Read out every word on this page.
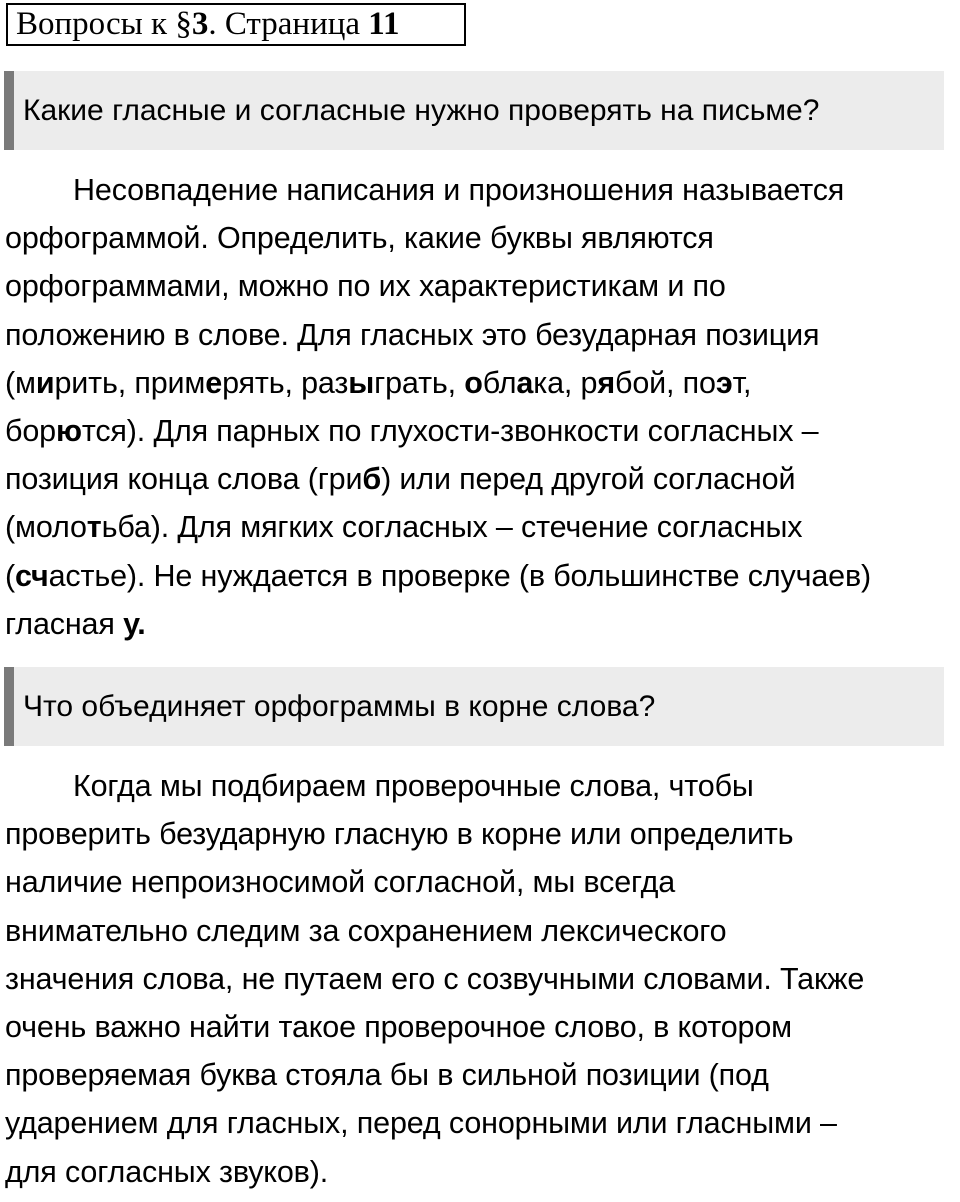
Вопросы к §3. Страница 11
Какие гласные и согласные нужно проверять на письме?
Несовпадение написания и произношения называется
орфограммой. Определить, какие буквы являются
орфограммами, можно по их характеристикам и по
положению в слове. Для гласных это безударная позиция
(мирить, примерять, разыграть, облака, рябой, поэт,
борются). Для парных по глухости-звонкости согласных –
позиция конца слова (гриб) или перед другой согласной
(молотьба). Для мягких согласных – стечение согласных
(счастье). Не нуждается в проверке (в большинстве случаев)
гласная у.
Что объединяет орфограммы в корне слова?
Когда мы подбираем проверочные слова, чтобы
проверить безударную гласную в корне или определить
наличие непроизносимой согласной, мы всегда
внимательно следим за сохранением лексического
значения слова, не путаем его с созвучными словами. Также
очень важно найти такое проверочное слово, в котором
проверяемая буква стояла бы в сильной позиции (под
ударением для гласных, перед сонорными или гласными –
для согласных звуков).
